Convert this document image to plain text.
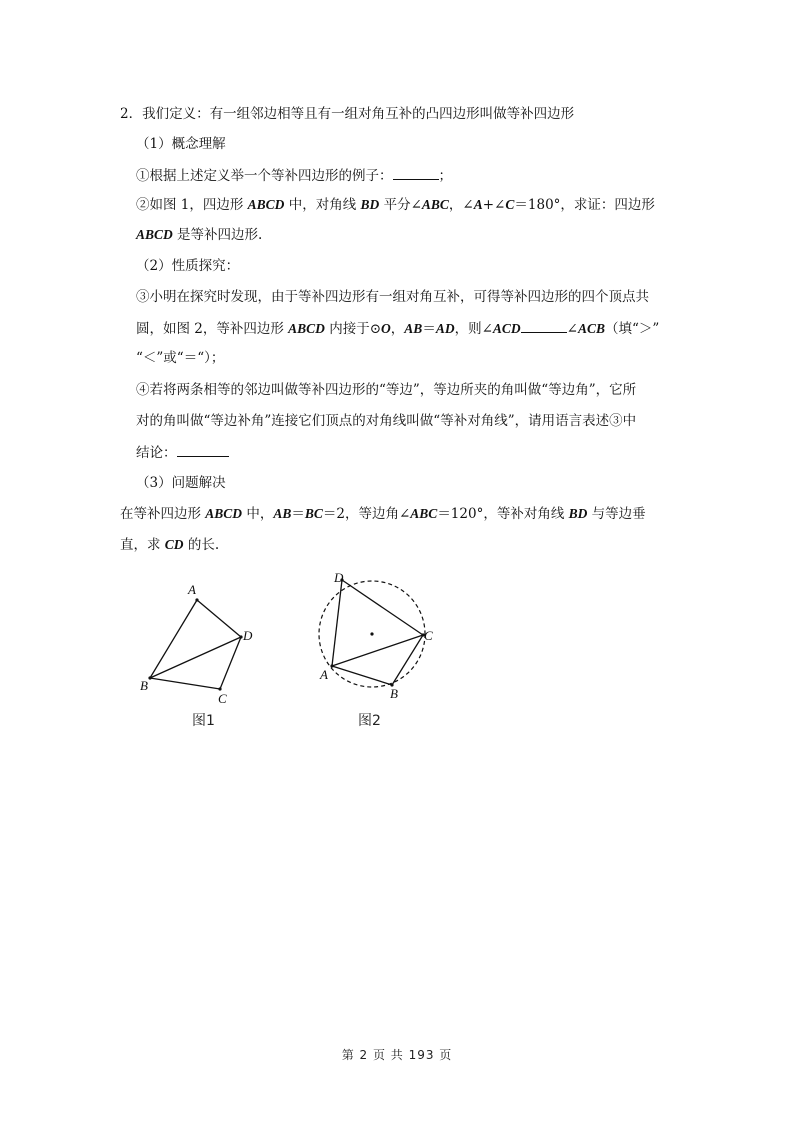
2．我们定义：有一组邻边相等且有一组对角互补的凸四边形叫做等补四边形
（1）概念理解
①根据上述定义举一个等补四边形的例子：	；
②如图 1，四边形 ABCD 中，对角线 BD 平分∠ABC，∠A+∠C＝180°，求证：四边形
ABCD 是等补四边形.
（2）性质探究：
③小明在探究时发现，由于等补四边形有一组对角互补，可得等补四边形的四个顶点共
圆，如图 2，等补四边形 ABCD 内接于⊙O，AB＝AD，则∠ACD	∠ACB（填“＞”
“＜”或“＝“）；
④若将两条相等的邻边叫做等补四边形的“等边”，等边所夹的角叫做“等边角”，它所
对的角叫做“等边补角”连接它们顶点的对角线叫做“等补对角线”，请用语言表述③中
结论：
（3）问题解决
在等补四边形 ABCD 中，AB＝BC＝2，等边角∠ABC＝120°，等补对角线 BD 与等边垂
直，求 CD 的长.
A
D
C
B
图1
D
C
B
A
图2
第 2 页 共 193 页
